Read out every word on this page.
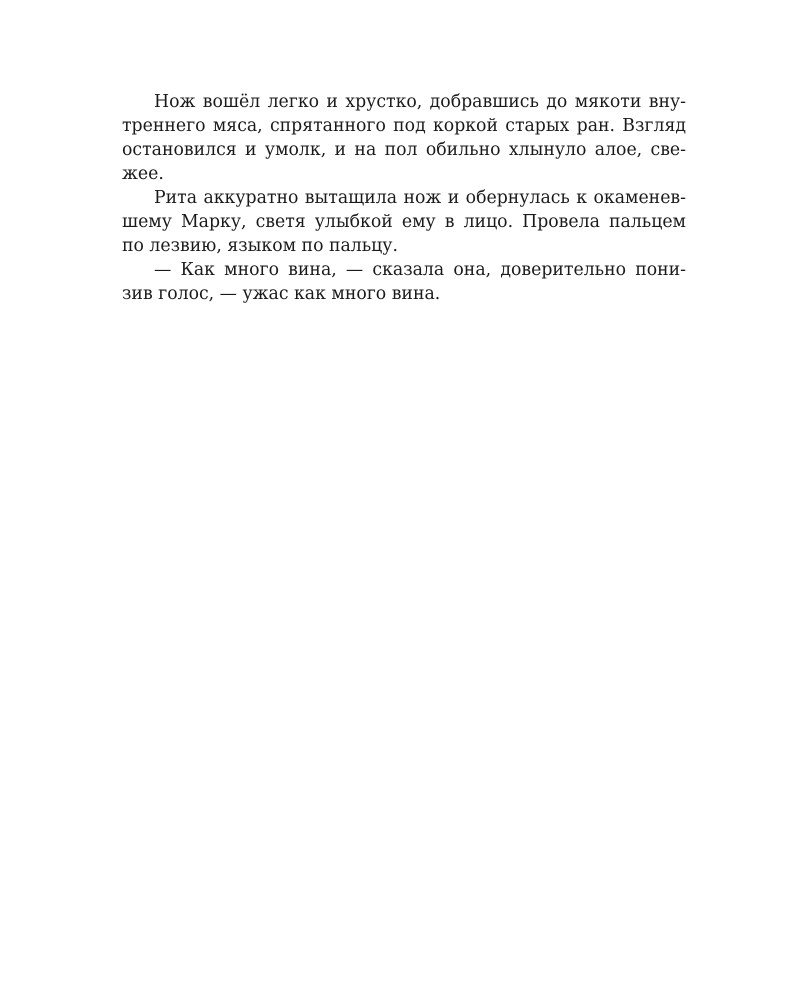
Нож вошёл легко и хрустко, добравшись до мякоти вну-
треннего мяса, спрятанного под коркой старых ран. Взгляд
остановился и умолк, и на пол обильно хлынуло алое, све-
жее.

Рита аккуратно вытащила нож и обернулась к окаменев-
шему Марку, светя улыбкой ему в лицо. Провела пальцем
по лезвию, языком по пальцу.

— Как много вина, — сказала она, доверительно пони-
зив голос, — ужас как много вина.
